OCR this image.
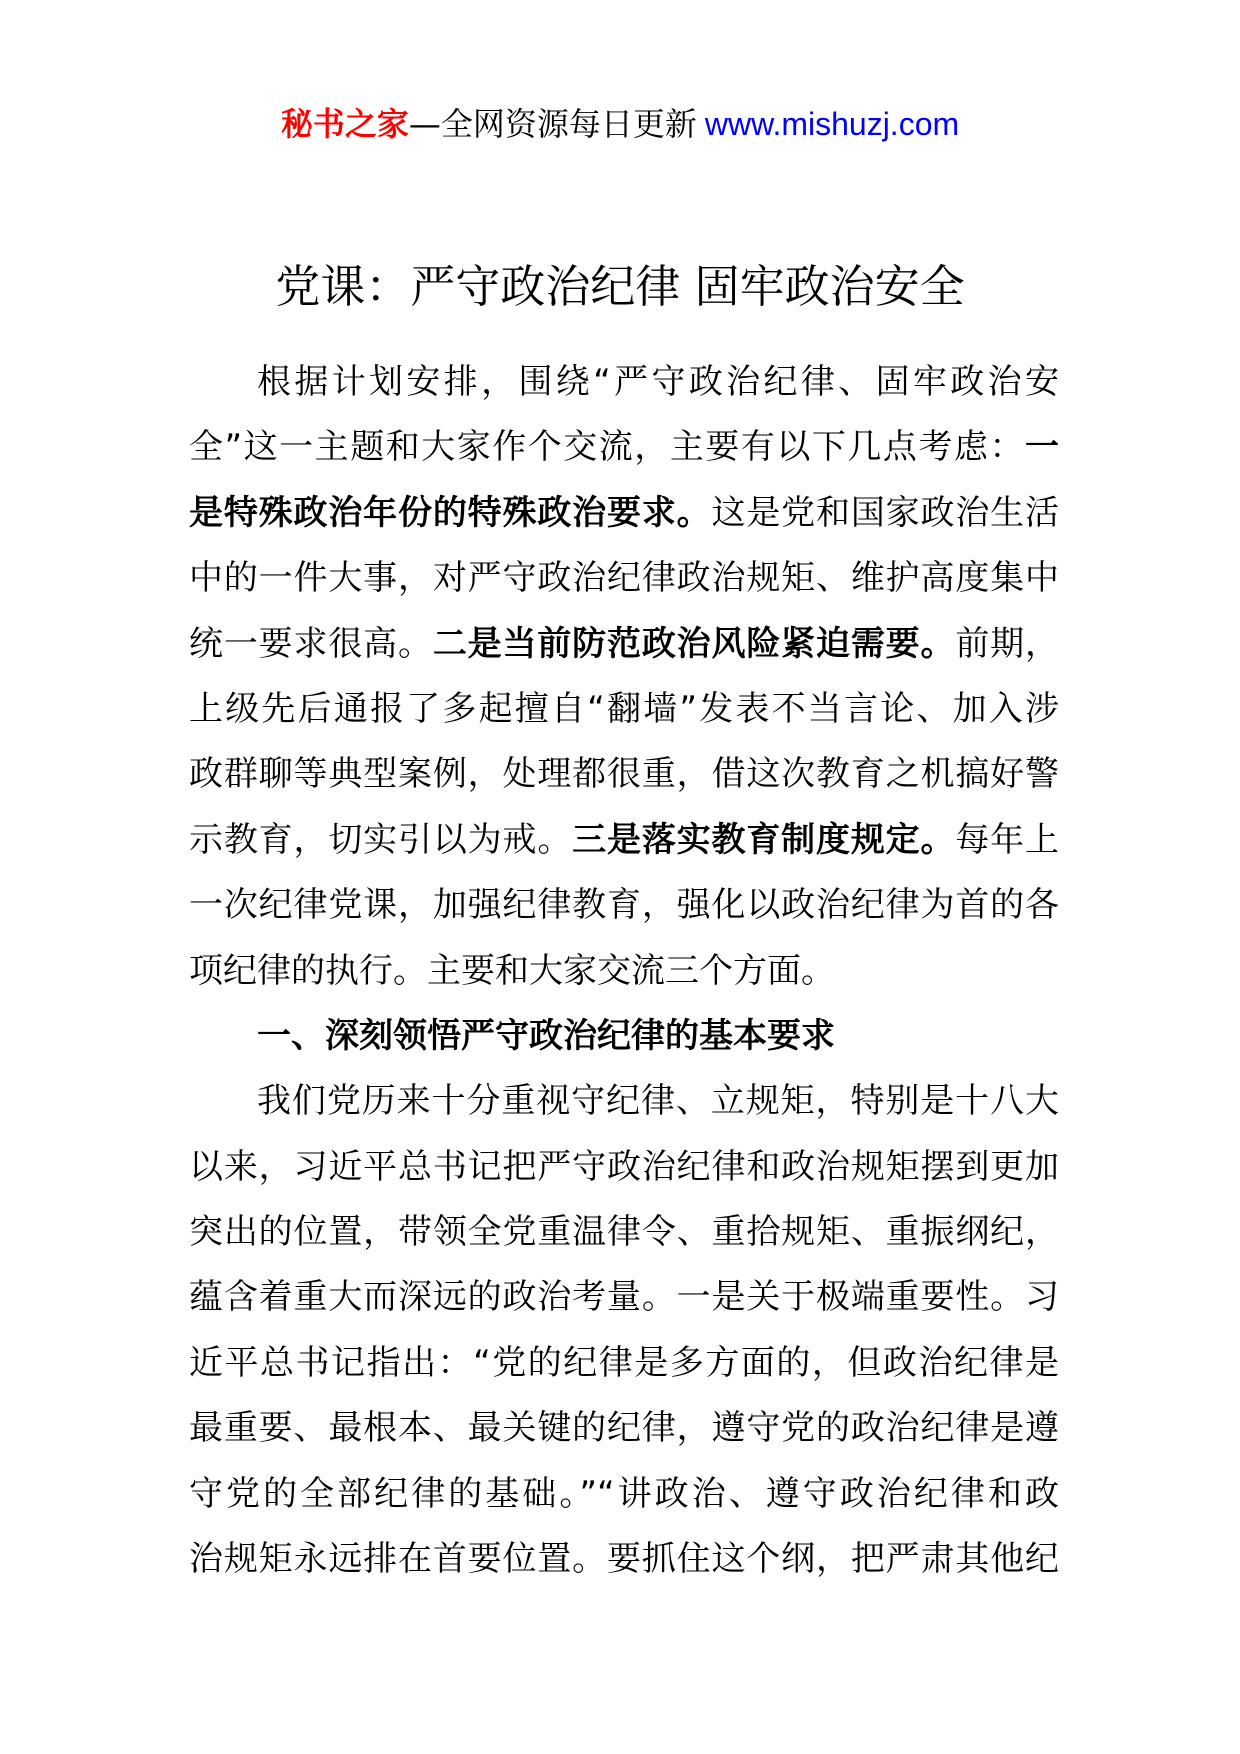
秘书之家—全网资源每日更新 www.mishuzj.com
党课：严守政治纪律 固牢政治安全
根据计划安排，围绕“严守政治纪律、固牢政治安
全”这一主题和大家作个交流，主要有以下几点考虑：一
是特殊政治年份的特殊政治要求。这是党和国家政治生活
中的一件大事，对严守政治纪律政治规矩、维护高度集中
统一要求很高。二是当前防范政治风险紧迫需要。前期，
上级先后通报了多起擅自“翻墙”发表不当言论、加入涉
政群聊等典型案例，处理都很重，借这次教育之机搞好警
示教育，切实引以为戒。三是落实教育制度规定。每年上
一次纪律党课，加强纪律教育，强化以政治纪律为首的各
项纪律的执行。主要和大家交流三个方面。
一、深刻领悟严守政治纪律的基本要求
我们党历来十分重视守纪律、立规矩，特别是十八大
以来，习近平总书记把严守政治纪律和政治规矩摆到更加
突出的位置，带领全党重温律令、重拾规矩、重振纲纪，
蕴含着重大而深远的政治考量。一是关于极端重要性。习
近平总书记指出：“党的纪律是多方面的，但政治纪律是
最重要、最根本、最关键的纪律，遵守党的政治纪律是遵
守党的全部纪律的基础。”“讲政治、遵守政治纪律和政
治规矩永远排在首要位置。要抓住这个纲，把严肃其他纪
